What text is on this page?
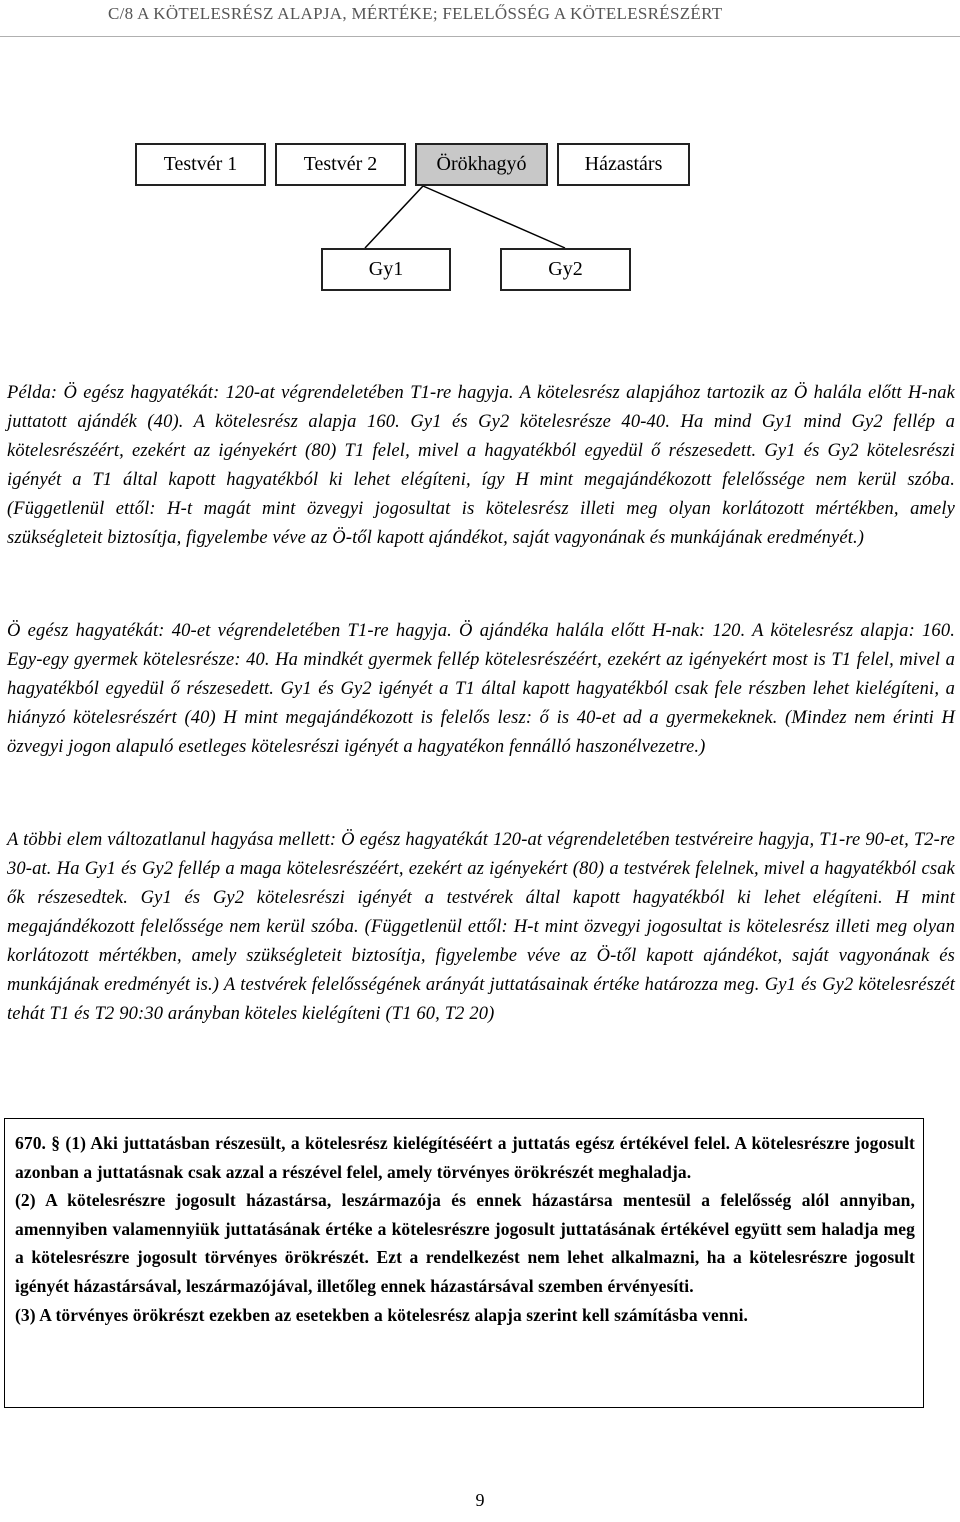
C/8 A KÖTELESRÉSZ ALAPJA, MÉRTÉKE; FELELŐSSÉG A KÖTELESRÉSZÉRT
Testvér 1	Testvér 2	Örökhagyó	Házastárs
Gy1	Gy2

Példa: Ö egész hagyatékát: 120-at végrendeletében T1-re hagyja. A kötelesrész alapjához tartozik az Ö halála előtt H-nak juttatott ajándék (40). A kötelesrész alapja 160. Gy1 és Gy2 kötelesrésze 40-40. Ha mind Gy1 mind Gy2 fellép a kötelesrészéért, ezekért az igényekért (80) T1 felel, mivel a hagyatékból egyedül ő részesedett. Gy1 és Gy2 kötelesrészi igényét a T1 által kapott hagyatékból ki lehet elégíteni, így H mint megajándékozott felelőssége nem kerül szóba. (Függetlenül ettől: H-t magát mint özvegyi jogosultat is kötelesrész illeti meg olyan korlátozott mértékben, amely szükségleteit biztosítja, figyelembe véve az Ö-től kapott ajándékot, saját vagyonának és munkájának eredményét.)

Ö egész hagyatékát: 40-et végrendeletében T1-re hagyja. Ö ajándéka halála előtt H-nak: 120. A kötelesrész alapja: 160. Egy-egy gyermek kötelesrésze: 40. Ha mindkét gyermek fellép kötelesrészéért, ezekért az igényekért most is T1 felel, mivel a hagyatékból egyedül ő részesedett. Gy1 és Gy2 igényét a T1 által kapott hagyatékból csak fele részben lehet kielégíteni, a hiányzó kötelesrészért (40) H mint megajándékozott is felelős lesz: ő is 40-et ad a gyermekeknek. (Mindez nem érinti H özvegyi jogon alapuló esetleges kötelesrészi igényét a hagyatékon fennálló haszonélvezetre.)

A többi elem változatlanul hagyása mellett: Ö egész hagyatékát 120-at végrendeletében testvéreire hagyja, T1-re 90-et, T2-re 30-at. Ha Gy1 és Gy2 fellép a maga kötelesrészéért, ezekért az igényekért (80) a testvérek felelnek, mivel a hagyatékból csak ők részesedtek. Gy1 és Gy2 kötelesrészi igényét a testvérek által kapott hagyatékból ki lehet elégíteni. H mint megajándékozott felelőssége nem kerül szóba. (Függetlenül ettől: H-t mint özvegyi jogosultat is kötelesrész illeti meg olyan korlátozott mértékben, amely szükségleteit biztosítja, figyelembe véve az Ö-től kapott ajándékot, saját vagyonának és munkájának eredményét is.) A testvérek felelősségének arányát juttatásainak értéke határozza meg. Gy1 és Gy2 kötelesrészét tehát T1 és T2 90:30 arányban köteles kielégíteni (T1 60, T2 20)

670. § (1) Aki juttatásban részesült, a kötelesrész kielégítéséért a juttatás egész értékével felel. A kötelesrészre jogosult azonban a juttatásnak csak azzal a részével felel, amely törvényes örökrészét meghaladja.

(2) A kötelesrészre jogosult házastársa, leszármazója és ennek házastársa mentesül a felelősség alól annyiban, amennyiben valamennyiük juttatásának értéke a kötelesrészre jogosult juttatásának értékével együtt sem haladja meg a kötelesrészre jogosult törvényes örökrészét. Ezt a rendelkezést nem lehet alkalmazni, ha a kötelesrészre jogosult igényét házastársával, leszármazójával, illetőleg ennek házastársával szemben érvényesíti.

(3) A törvényes örökrészt ezekben az esetekben a kötelesrész alapja szerint kell számításba venni.

9
